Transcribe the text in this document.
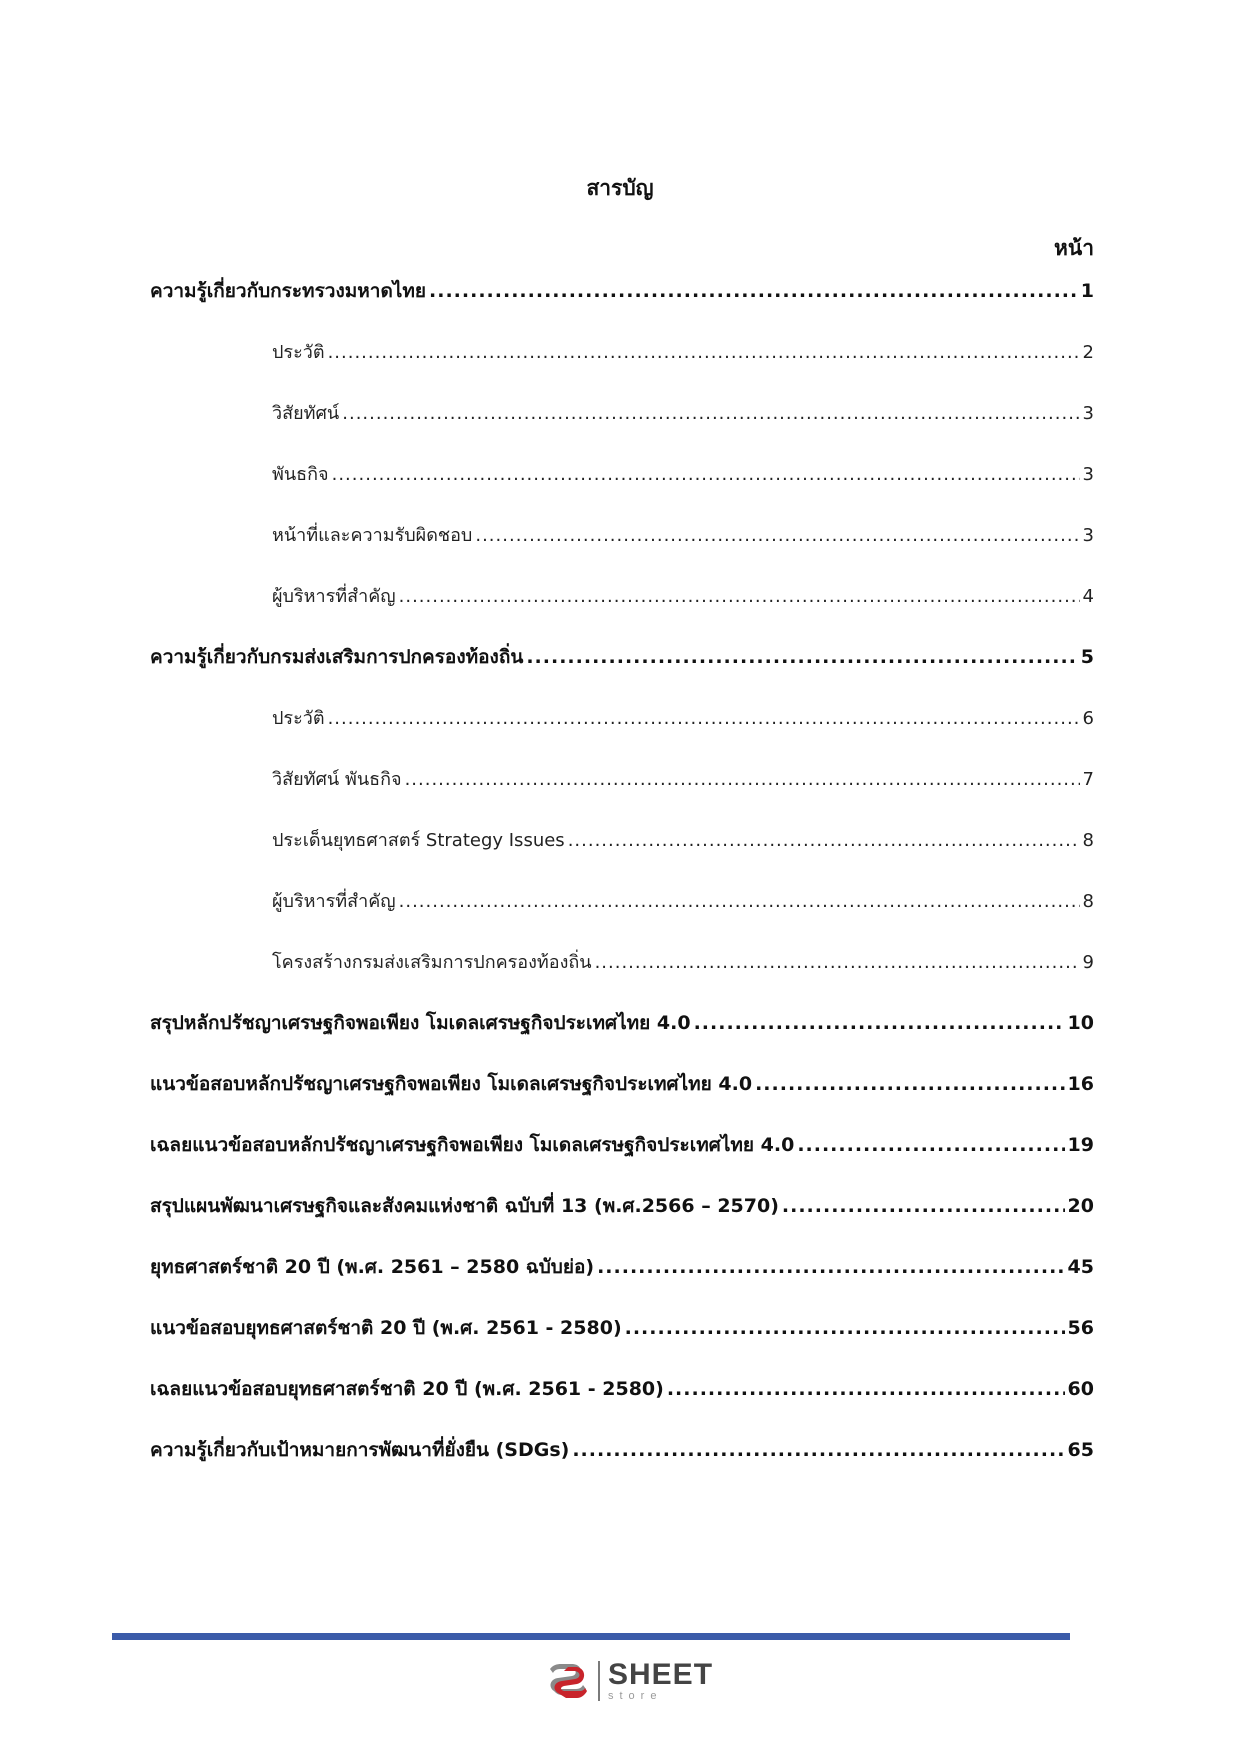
สารบัญ
หน้า
ความรู้เกี่ยวกับกระทรวงมหาดไทย .....	1
ประวัติ .....	2
วิสัยทัศน์ .....	3
พันธกิจ .....	3
หน้าที่และความรับผิดชอบ .....	3
ผู้บริหารที่สำคัญ .....	4
ความรู้เกี่ยวกับกรมส่งเสริมการปกครองท้องถิ่น .....	5
ประวัติ .....	6
วิสัยทัศน์ พันธกิจ .....	7
ประเด็นยุทธศาสตร์ Strategy Issues .....	8
ผู้บริหารที่สำคัญ .....	8
โครงสร้างกรมส่งเสริมการปกครองท้องถิ่น .....	9
สรุปหลักปรัชญาเศรษฐกิจพอเพียง โมเดลเศรษฐกิจประเทศไทย 4.0 .....	10
แนวข้อสอบหลักปรัชญาเศรษฐกิจพอเพียง โมเดลเศรษฐกิจประเทศไทย 4.0 .....	16
เฉลยแนวข้อสอบหลักปรัชญาเศรษฐกิจพอเพียง โมเดลเศรษฐกิจประเทศไทย 4.0 .....	19
สรุปแผนพัฒนาเศรษฐกิจและสังคมแห่งชาติ ฉบับที่ 13 (พ.ศ.2566 – 2570) .....	20
ยุทธศาสตร์ชาติ 20 ปี (พ.ศ. 2561 – 2580 ฉบับย่อ) .....	45
แนวข้อสอบยุทธศาสตร์ชาติ 20 ปี (พ.ศ. 2561 - 2580) .....	56
เฉลยแนวข้อสอบยุทธศาสตร์ชาติ 20 ปี (พ.ศ. 2561 - 2580) .....	60
ความรู้เกี่ยวกับเป้าหมายการพัฒนาที่ยั่งยืน (SDGs) .....	65
SHEET
store
